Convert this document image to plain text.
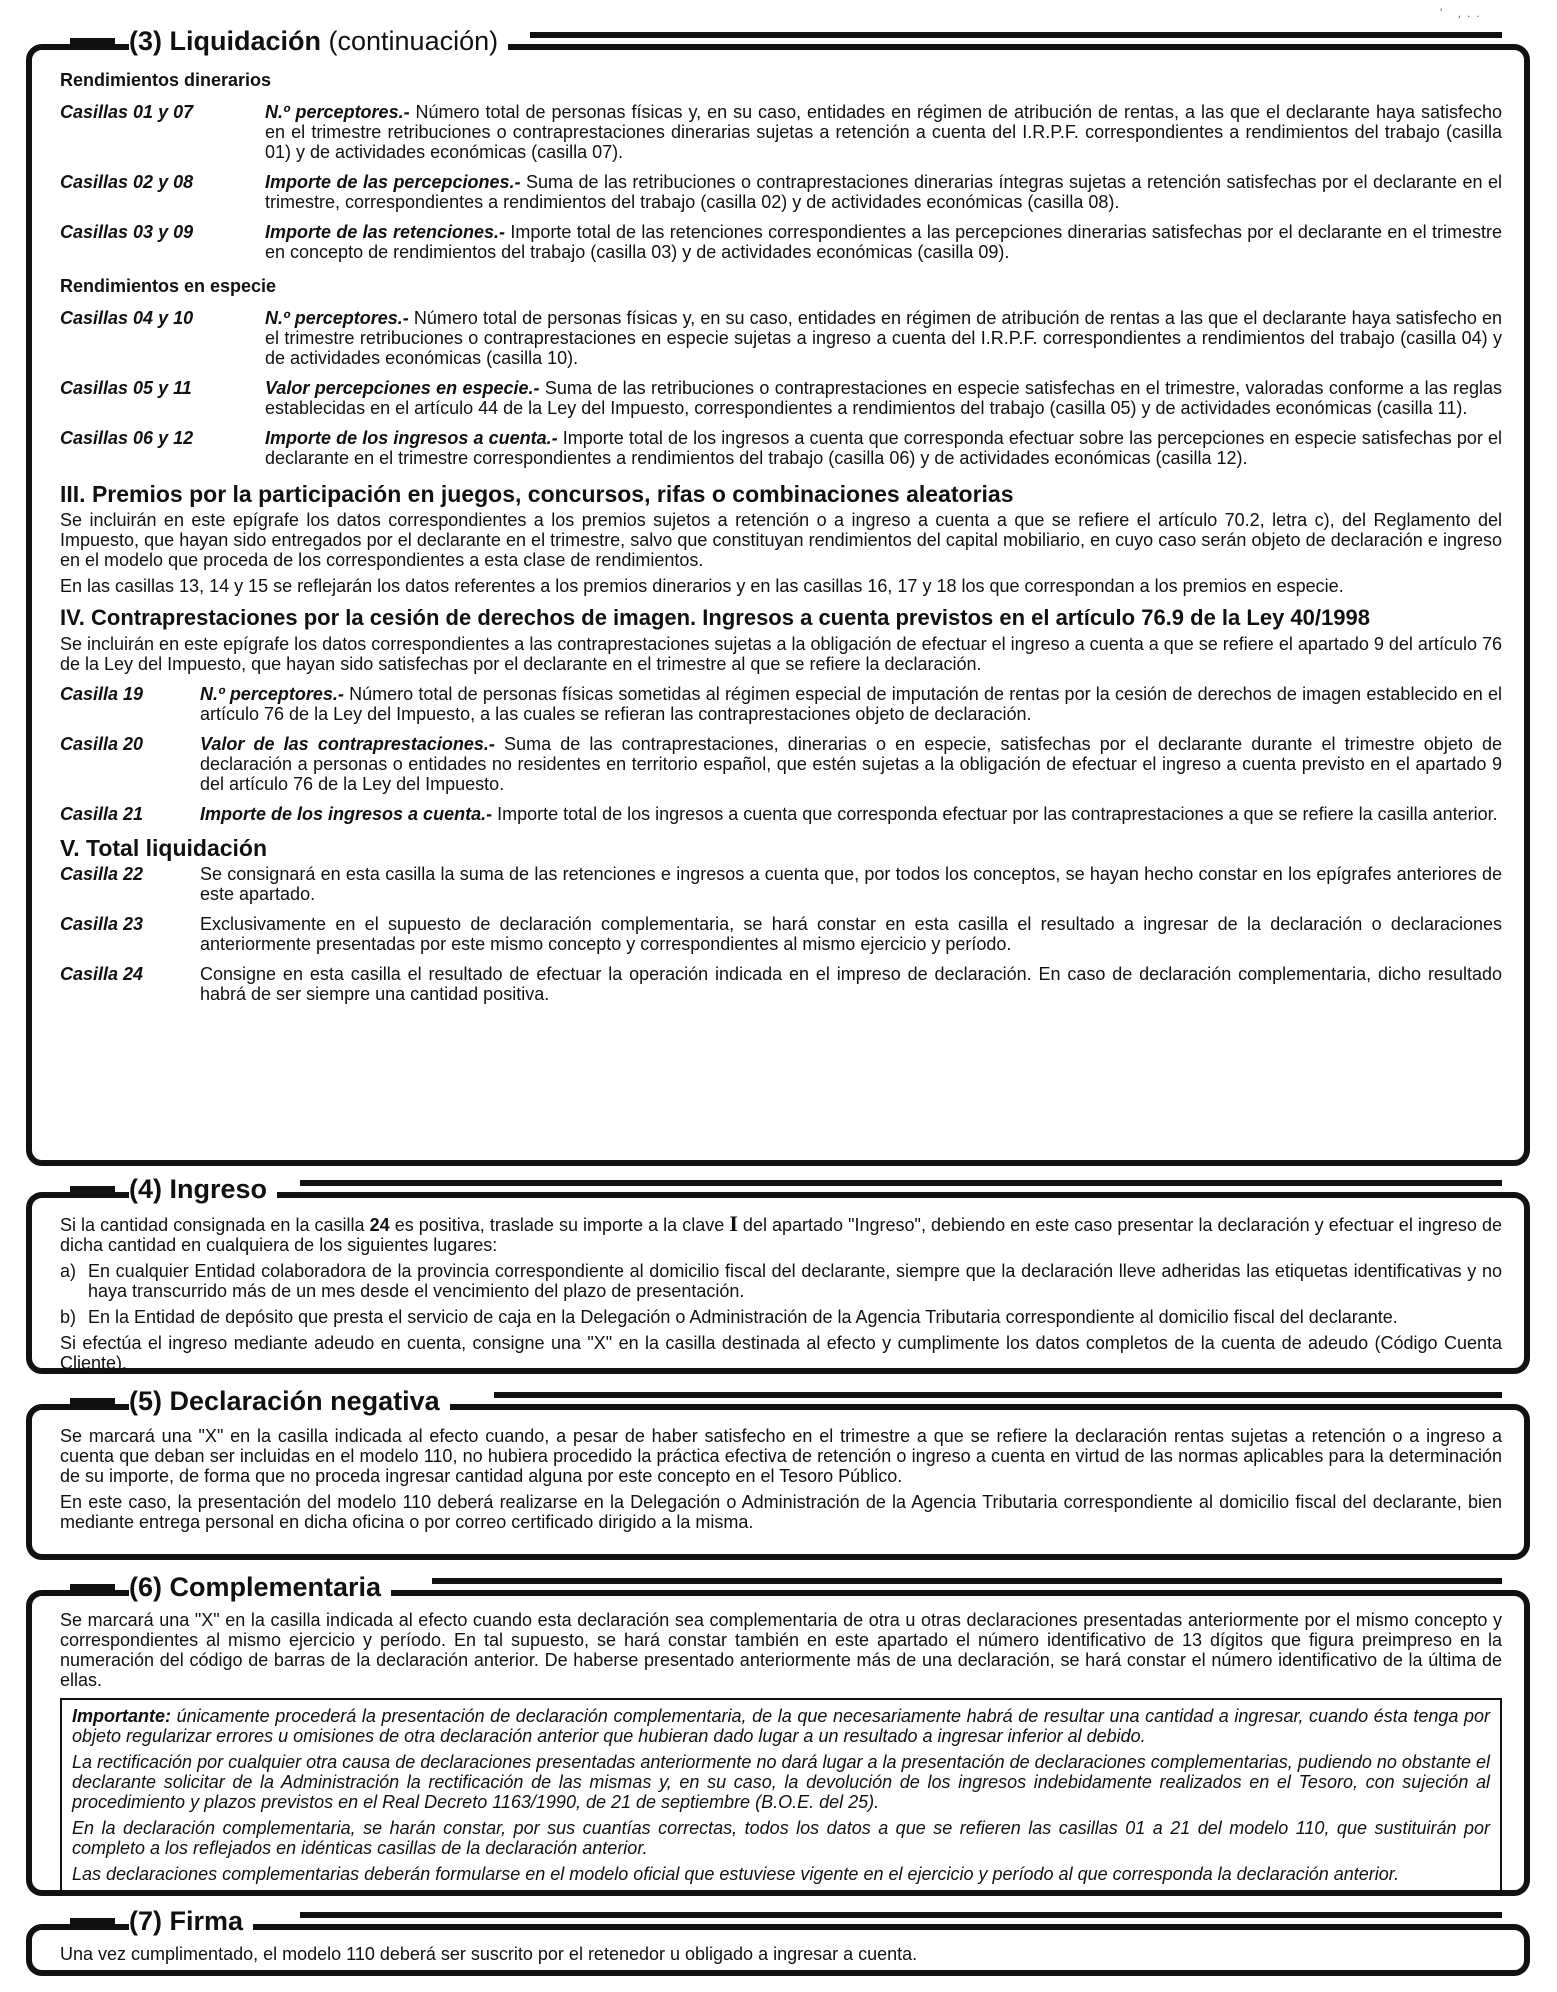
' ,..
(3) Liquidación (continuación)

Rendimientos dinerarios

Casillas 01 y 07	N.º perceptores.- Número total de personas físicas y, en su caso, entidades en régimen de atribución de rentas, a las que el declarante haya satisfecho en el trimestre retribuciones o contraprestaciones dinerarias sujetas a retención a cuenta del I.R.P.F. correspondientes a rendimientos del trabajo (casilla 01) y de actividades económicas (casilla 07).
Casillas 02 y 08	Importe de las percepciones.- Suma de las retribuciones o contraprestaciones dinerarias íntegras sujetas a retención satisfechas por el declarante en el trimestre, correspondientes a rendimientos del trabajo (casilla 02) y de actividades económicas (casilla 08).
Casillas 03 y 09	Importe de las retenciones.- Importe total de las retenciones correspondientes a las percepciones dinerarias satisfechas por el declarante en el trimestre en concepto de rendimientos del trabajo (casilla 03) y de actividades económicas (casilla 09).

Rendimientos en especie

Casillas 04 y 10	N.º perceptores.- Número total de personas físicas y, en su caso, entidades en régimen de atribución de rentas a las que el declarante haya satisfecho en el trimestre retribuciones o contraprestaciones en especie sujetas a ingreso a cuenta del I.R.P.F. correspondientes a rendimientos del trabajo (casilla 04) y de actividades económicas (casilla 10).
Casillas 05 y 11	Valor percepciones en especie.- Suma de las retribuciones o contraprestaciones en especie satisfechas en el trimestre, valoradas conforme a las reglas establecidas en el artículo 44 de la Ley del Impuesto, correspondientes a rendimientos del trabajo (casilla 05) y de actividades económicas (casilla 11).
Casillas 06 y 12	Importe de los ingresos a cuenta.- Importe total de los ingresos a cuenta que corresponda efectuar sobre las percepciones en especie satisfechas por el declarante en el trimestre correspondientes a rendimientos del trabajo (casilla 06) y de actividades económicas (casilla 12).

III. Premios por la participación en juegos, concursos, rifas o combinaciones aleatorias

Se incluirán en este epígrafe los datos correspondientes a los premios sujetos a retención o a ingreso a cuenta a que se refiere el artículo 70.2, letra c), del Reglamento del Impuesto, que hayan sido entregados por el declarante en el trimestre, salvo que constituyan rendimientos del capital mobiliario, en cuyo caso serán objeto de declaración e ingreso en el modelo que proceda de los correspondientes a esta clase de rendimientos.

En las casillas 13, 14 y 15 se reflejarán los datos referentes a los premios dinerarios y en las casillas 16, 17 y 18 los que correspondan a los premios en especie.

IV. Contraprestaciones por la cesión de derechos de imagen. Ingresos a cuenta previstos en el artículo 76.9 de la Ley 40/1998

Se incluirán en este epígrafe los datos correspondientes a las contraprestaciones sujetas a la obligación de efectuar el ingreso a cuenta a que se refiere el apartado 9 del artículo 76 de la Ley del Impuesto, que hayan sido satisfechas por el declarante en el trimestre al que se refiere la declaración.

Casilla 19	N.º perceptores.- Número total de personas físicas sometidas al régimen especial de imputación de rentas por la cesión de derechos de imagen establecido en el artículo 76 de la Ley del Impuesto, a las cuales se refieran las contraprestaciones objeto de declaración.
Casilla 20	Valor de las contraprestaciones.- Suma de las contraprestaciones, dinerarias o en especie, satisfechas por el declarante durante el trimestre objeto de declaración a personas o entidades no residentes en territorio español, que estén sujetas a la obligación de efectuar el ingreso a cuenta previsto en el apartado 9 del artículo 76 de la Ley del Impuesto.
Casilla 21	Importe de los ingresos a cuenta.- Importe total de los ingresos a cuenta que corresponda efectuar por las contraprestaciones a que se refiere la casilla anterior.

V. Total liquidación

Casilla 22	Se consignará en esta casilla la suma de las retenciones e ingresos a cuenta que, por todos los conceptos, se hayan hecho constar en los epígrafes anteriores de este apartado.
Casilla 23	Exclusivamente en el supuesto de declaración complementaria, se hará constar en esta casilla el resultado a ingresar de la declaración o declaraciones anteriormente presentadas por este mismo concepto y correspondientes al mismo ejercicio y período.
Casilla 24	Consigne en esta casilla el resultado de efectuar la operación indicada en el impreso de declaración. En caso de declaración complementaria, dicho resultado habrá de ser siempre una cantidad positiva.
(4) Ingreso

Si la cantidad consignada en la casilla 24 es positiva, traslade su importe a la clave I del apartado "Ingreso", debiendo en este caso presentar la declaración y efectuar el ingreso de dicha cantidad en cualquiera de los siguientes lugares:

a) En cualquier Entidad colaboradora de la provincia correspondiente al domicilio fiscal del declarante, siempre que la declaración lleve adheridas las etiquetas identificativas y no haya transcurrido más de un mes desde el vencimiento del plazo de presentación.
b) En la Entidad de depósito que presta el servicio de caja en la Delegación o Administración de la Agencia Tributaria correspondiente al domicilio fiscal del declarante.

Si efectúa el ingreso mediante adeudo en cuenta, consigne una "X" en la casilla destinada al efecto y cumplimente los datos completos de la cuenta de adeudo (Código Cuenta Cliente).

(5) Declaración negativa

Se marcará una "X" en la casilla indicada al efecto cuando, a pesar de haber satisfecho en el trimestre a que se refiere la declaración rentas sujetas a retención o a ingreso a cuenta que deban ser incluidas en el modelo 110, no hubiera procedido la práctica efectiva de retención o ingreso a cuenta en virtud de las normas aplicables para la determinación de su importe, de forma que no proceda ingresar cantidad alguna por este concepto en el Tesoro Público.

En este caso, la presentación del modelo 110 deberá realizarse en la Delegación o Administración de la Agencia Tributaria correspondiente al domicilio fiscal del declarante, bien mediante entrega personal en dicha oficina o por correo certificado dirigido a la misma.

(6) Complementaria

Se marcará una "X" en la casilla indicada al efecto cuando esta declaración sea complementaria de otra u otras declaraciones presentadas anteriormente por el mismo concepto y correspondientes al mismo ejercicio y período. En tal supuesto, se hará constar también en este apartado el número identificativo de 13 dígitos que figura preimpreso en la numeración del código de barras de la declaración anterior. De haberse presentado anteriormente más de una declaración, se hará constar el número identificativo de la última de ellas.

Importante: únicamente procederá la presentación de declaración complementaria, de la que necesariamente habrá de resultar una cantidad a ingresar, cuando ésta tenga por objeto regularizar errores u omisiones de otra declaración anterior que hubieran dado lugar a un resultado a ingresar inferior al debido.

La rectificación por cualquier otra causa de declaraciones presentadas anteriormente no dará lugar a la presentación de declaraciones complementarias, pudiendo no obstante el declarante solicitar de la Administración la rectificación de las mismas y, en su caso, la devolución de los ingresos indebidamente realizados en el Tesoro, con sujeción al procedimiento y plazos previstos en el Real Decreto 1163/1990, de 21 de septiembre (B.O.E. del 25).

En la declaración complementaria, se harán constar, por sus cuantías correctas, todos los datos a que se refieren las casillas 01 a 21 del modelo 110, que sustituirán por completo a los reflejados en idénticas casillas de la declaración anterior.

Las declaraciones complementarias deberán formularse en el modelo oficial que estuviese vigente en el ejercicio y período al que corresponda la declaración anterior.

(7) Firma

Una vez cumplimentado, el modelo 110 deberá ser suscrito por el retenedor u obligado a ingresar a cuenta.
